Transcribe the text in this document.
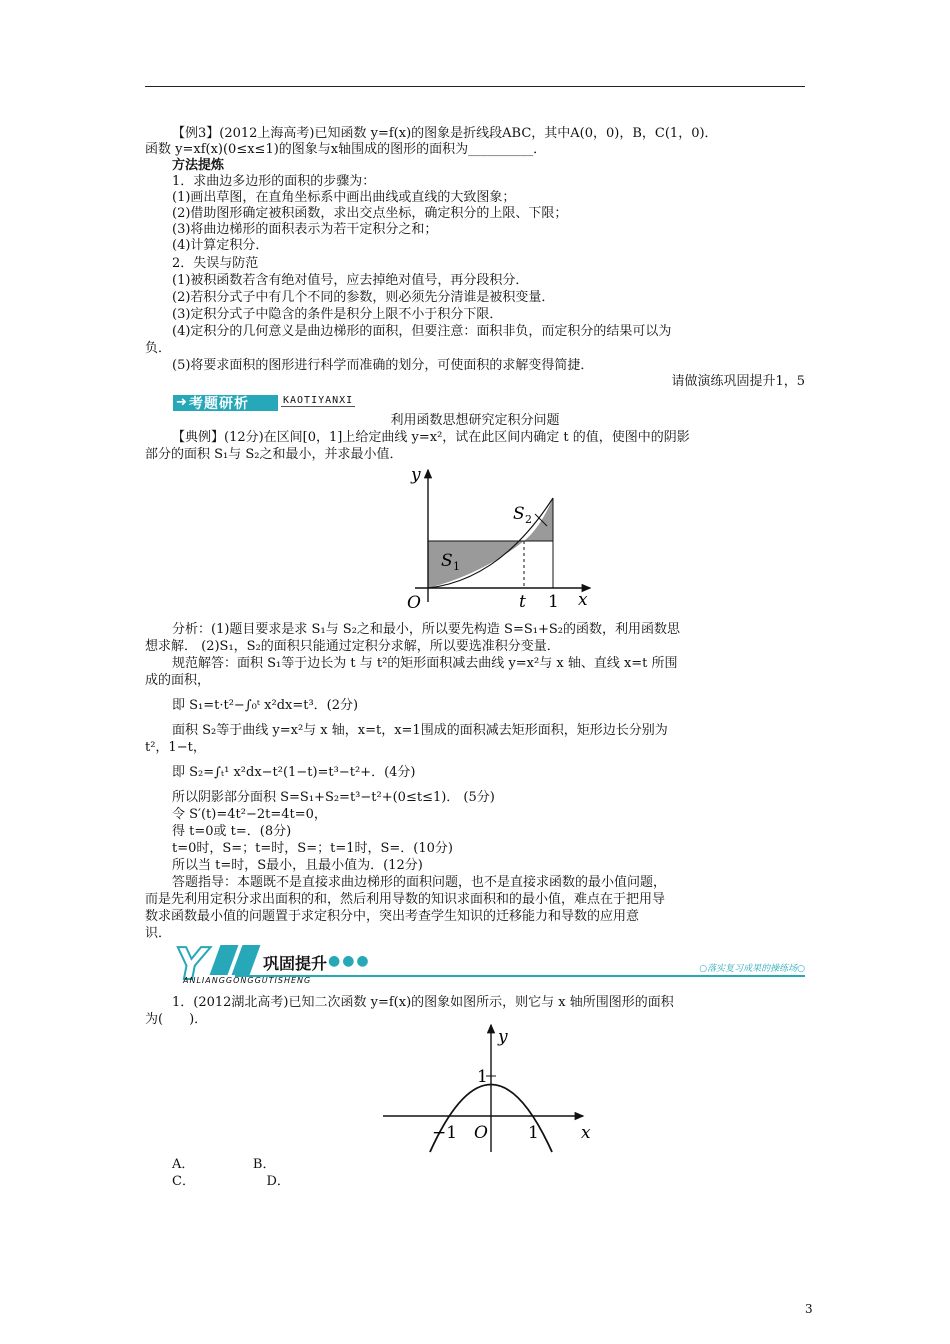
【例3】(2012上海高考)已知函数 y=f(x)的图象是折线段ABC，其中A(0，0)，B，C(1，0)．
函数 y=xf(x)(0≤x≤1)的图象与x轴围成的图形的面积为__________．
方法提炼
1．求曲边多边形的面积的步骤为：
(1)画出草图，在直角坐标系中画出曲线或直线的大致图象；
(2)借助图形确定被积函数，求出交点坐标，确定积分的上限、下限；
(3)将曲边梯形的面积表示为若干定积分之和；
(4)计算定积分．
2．失误与防范
(1)被积函数若含有绝对值号，应去掉绝对值号，再分段积分．
(2)若积分式子中有几个不同的参数，则必须先分清谁是被积变量．
(3)定积分式子中隐含的条件是积分上限不小于积分下限．
(4)定积分的几何意义是曲边梯形的面积，但要注意：面积非负，而定积分的结果可以为
负．
(5)将要求面积的图形进行科学而准确的划分，可使面积的求解变得简捷．
利用函数思想研究定积分问题
【典例】(12分)在区间[0，1]上给定曲线 y=x²，试在此区间内确定 t 的值，使图中的阴影
部分的面积 S₁与 S₂之和最小，并求最小值．
分析：(1)题目要求是求 S₁与 S₂之和最小，所以要先构造 S=S₁+S₂的函数，利用函数思
想求解． (2)S₁，S₂的面积只能通过定积分求解，所以要选准积分变量．
规范解答：面积 S₁等于边长为 t 与 t²的矩形面积减去曲线 y=x²与 x 轴、直线 x=t 所围
成的面积，
即 S₁=t·t²−∫₀ᵗ x²dx=t³．(2分)
面积 S₂等于曲线 y=x²与 x 轴，x=t，x=1围成的面积减去矩形面积，矩形边长分别为
t²，1−t，
即 S₂=∫ₜ¹ x²dx−t²(1−t)=t³−t²+．(4分)
所以阴影部分面积 S=S₁+S₂=t³−t²+(0≤t≤1)． (5分)
令 S′(t)=4t²−2t=4t=0，
得 t=0或 t=．(8分)
t=0时，S=；t=时，S=；t=1时，S=．(10分)
所以当 t=时，S最小，且最小值为．(12分)
答题指导：本题既不是直接求曲边梯形的面积问题，也不是直接求函数的最小值问题，
而是先利用定积分求出面积的和，然后利用导数的知识求面积和的最小值，难点在于把用导
数求函数最小值的问题置于求定积分中，突出考查学生知识的迁移能力和导数的应用意
识．
1．(2012湖北高考)已知二次函数 y=f(x)的图象如图所示，则它与 x 轴所围图形的面积
为(　　)．
A．　　　　　B．
C．　　　　　　D．
请做演练巩固提升1，5
➜ 考题研析	KAOTIYANXI
y
x
O
S 1
S 2
t 1
Y	巩固提升 ●●●
ANLIANGGONGGUTISHENG
○落实复习成果的操练场○
y
x
O
1
−1	1
3
